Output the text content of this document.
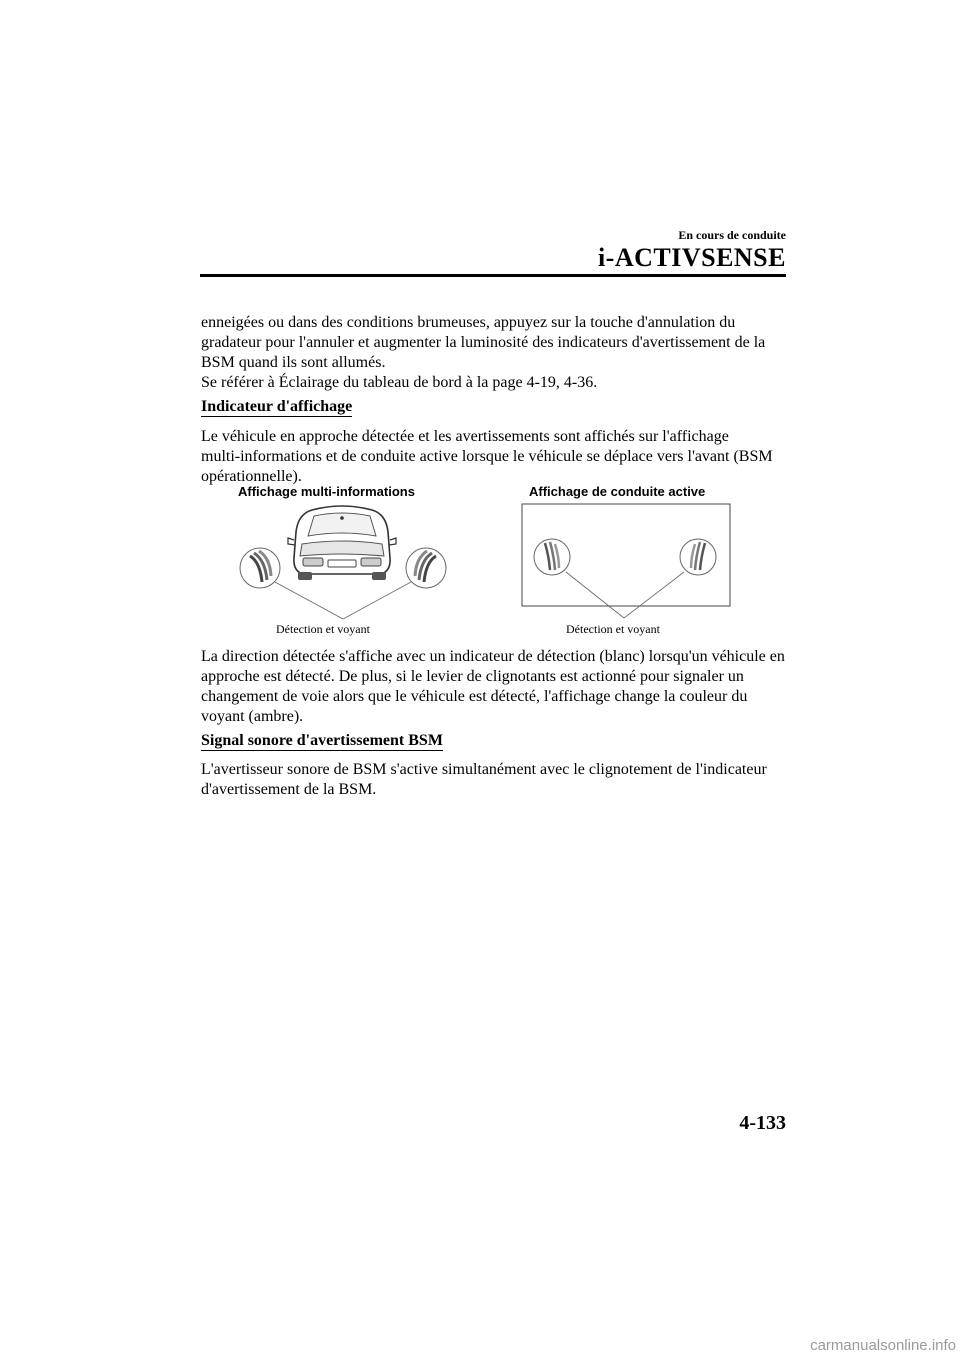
En cours de conduite
i-ACTIVSENSE
enneigées ou dans des conditions brumeuses, appuyez sur la touche d'annulation du
gradateur pour l'annuler et augmenter la luminosité des indicateurs d'avertissement de la
BSM quand ils sont allumés.
Se référer à Éclairage du tableau de bord à la page 4-19, 4-36.
Indicateur d'affichage
Le véhicule en approche détectée et les avertissements sont affichés sur l'affichage
multi-informations et de conduite active lorsque le véhicule se déplace vers l'avant (BSM
opérationnelle).
Affichage multi-informations	Affichage de conduite active
Détection et voyant	Détection et voyant
La direction détectée s'affiche avec un indicateur de détection (blanc) lorsqu'un véhicule en
approche est détecté. De plus, si le levier de clignotants est actionné pour signaler un
changement de voie alors que le véhicule est détecté, l'affichage change la couleur du
voyant (ambre).
Signal sonore d'avertissement BSM
L'avertisseur sonore de BSM s'active simultanément avec le clignotement de l'indicateur
d'avertissement de la BSM.
4-133
carmanualsonline.info
